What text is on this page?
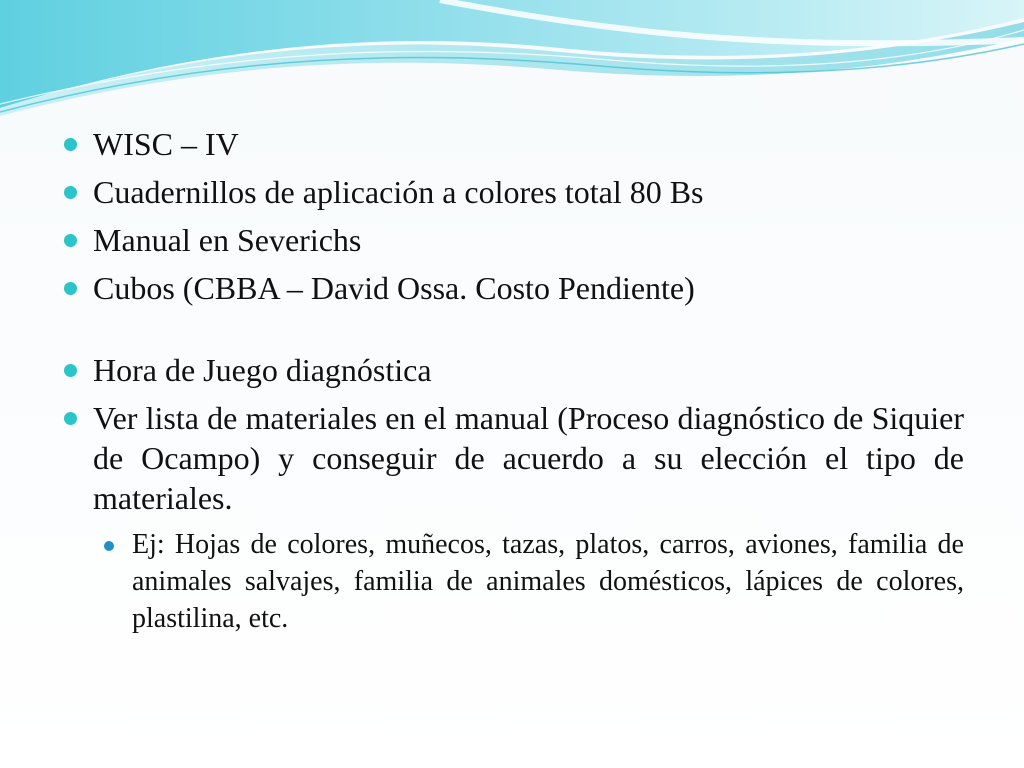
WISC – IV

Cuadernillos de aplicación a colores total 80 Bs

Manual en Severichs

Cubos (CBBA – David Ossa. Costo Pendiente)

Hora de Juego diagnóstica

Ver lista de materiales en el manual (Proceso diagnóstico de Siquier de Ocampo) y conseguir de acuerdo a su elección el tipo de materiales.

Ej: Hojas de colores, muñecos, tazas, platos, carros, aviones, familia de animales salvajes, familia de animales domésticos, lápices de colores, plastilina, etc.
